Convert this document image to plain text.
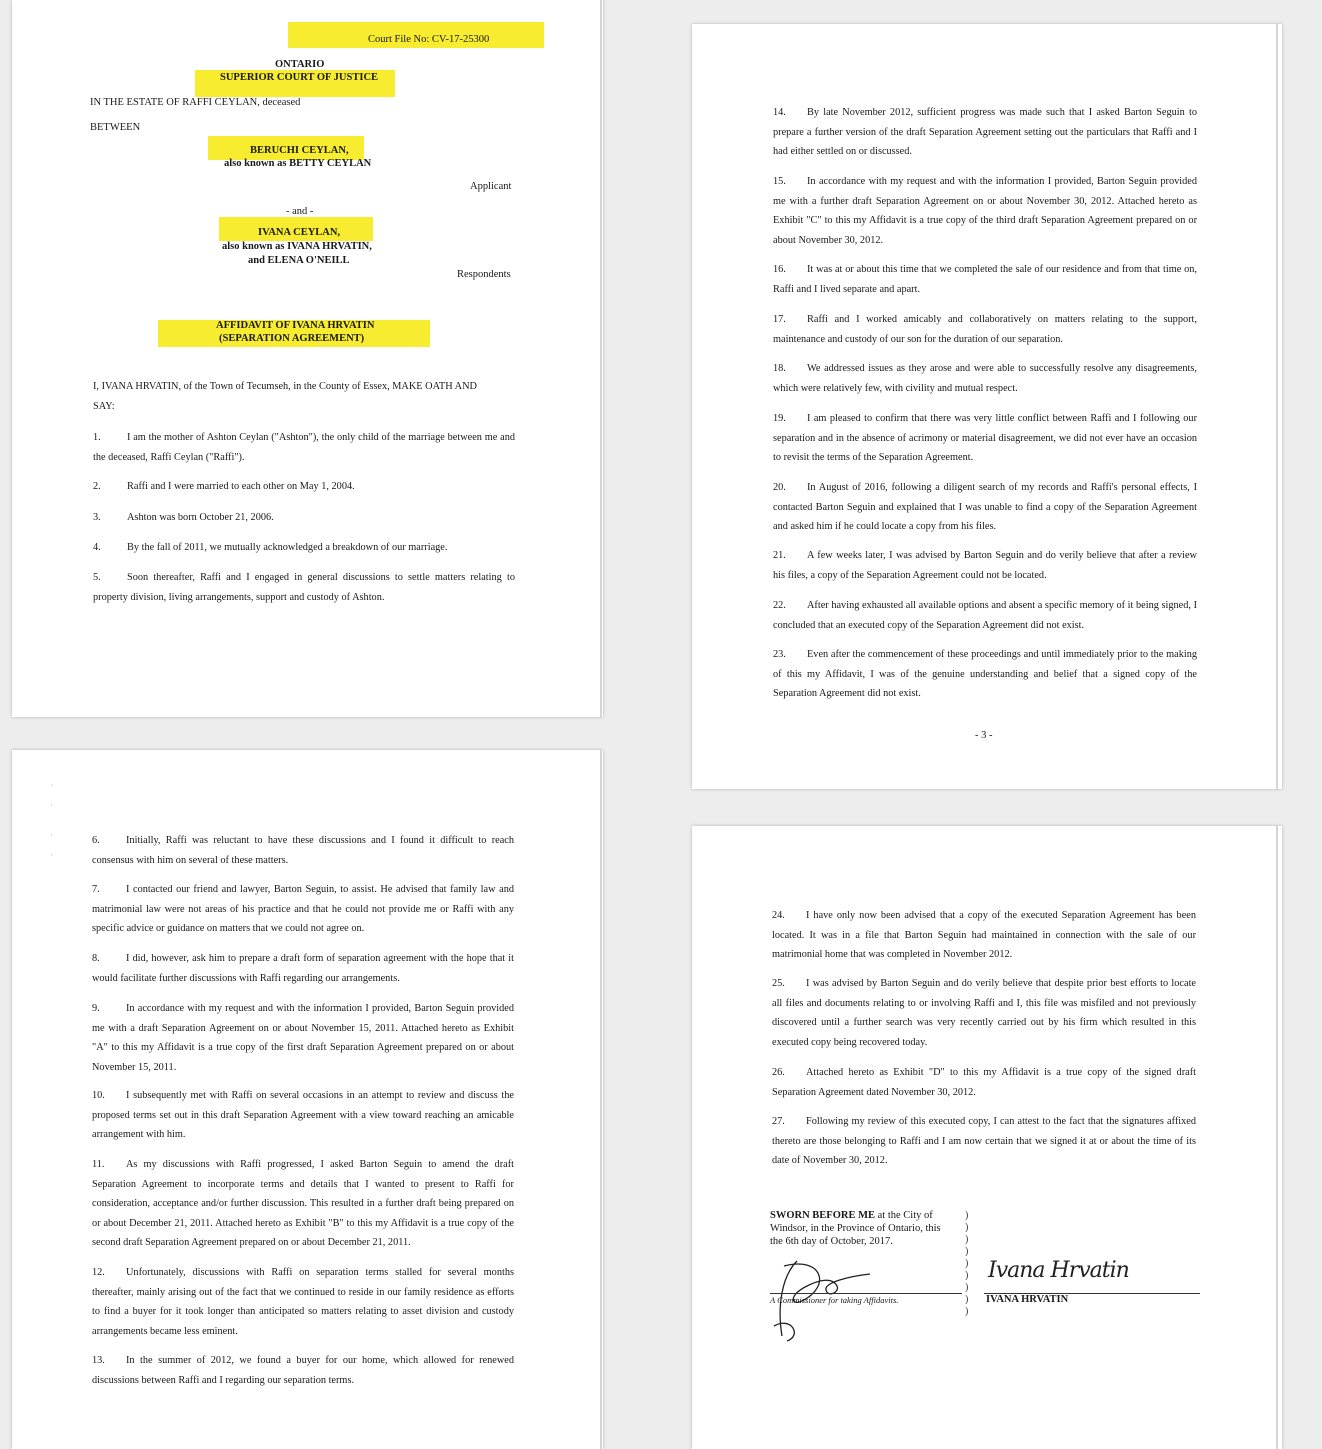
Court File No: CV-17-25300
ONTARIO
SUPERIOR COURT OF JUSTICE
IN THE ESTATE OF RAFFI CEYLAN, deceased
BETWEEN
BERUCHI CEYLAN,
also known as BETTY CEYLAN
Applicant
- and -
IVANA CEYLAN,
also known as IVANA HRVATIN,
and ELENA O'NEILL
Respondents
AFFIDAVIT OF IVANA HRVATIN
(SEPARATION AGREEMENT)
I, IVANA HRVATIN, of the Town of Tecumseh, in the County of Essex, MAKE OATH AND
SAY:
1.	I am the mother of Ashton Ceylan ("Ashton"), the only child of the marriage between me and the deceased, Raffi Ceylan ("Raffi").
2.	Raffi and I were married to each other on May 1, 2004.
3.	Ashton was born October 21, 2006.
4.	By the fall of 2011, we mutually acknowledged a breakdown of our marriage.
5.	Soon thereafter, Raffi and I engaged in general discussions to settle matters relating to property division, living arrangements, support and custody of Ashton.
·

·

·

·
6.	Initially, Raffi was reluctant to have these discussions and I found it difficult to reach consensus with him on several of these matters.
7.	I contacted our friend and lawyer, Barton Seguin, to assist. He advised that family law and matrimonial law were not areas of his practice and that he could not provide me or Raffi with any specific advice or guidance on matters that we could not agree on.
8.	I did, however, ask him to prepare a draft form of separation agreement with the hope that it would facilitate further discussions with Raffi regarding our arrangements.
9.	In accordance with my request and with the information I provided, Barton Seguin provided me with a draft Separation Agreement on or about November 15, 2011. Attached hereto as Exhibit "A" to this my Affidavit is a true copy of the first draft Separation Agreement prepared on or about November 15, 2011.
10. I subsequently met with Raffi on several occasions in an attempt to review and discuss the proposed terms set out in this draft Separation Agreement with a view toward reaching an amicable arrangement with him.
11. As my discussions with Raffi progressed, I asked Barton Seguin to amend the draft Separation Agreement to incorporate terms and details that I wanted to present to Raffi for consideration, acceptance and/or further discussion. This resulted in a further draft being prepared on or about December 21, 2011. Attached hereto as Exhibit "B" to this my Affidavit is a true copy of the second draft Separation Agreement prepared on or about December 21, 2011.
12. Unfortunately, discussions with Raffi on separation terms stalled for several months thereafter, mainly arising out of the fact that we continued to reside in our family residence as efforts to find a buyer for it took longer than anticipated so matters relating to asset division and custody arrangements became less eminent.
13. In the summer of 2012, we found a buyer for our home, which allowed for renewed discussions between Raffi and I regarding our separation terms.
14. By late November 2012, sufficient progress was made such that I asked Barton Seguin to prepare a further version of the draft Separation Agreement setting out the particulars that Raffi and I had either settled on or discussed.
15. In accordance with my request and with the information I provided, Barton Seguin provided me with a further draft Separation Agreement on or about November 30, 2012. Attached hereto as Exhibit "C" to this my Affidavit is a true copy of the third draft Separation Agreement prepared on or about November 30, 2012.
16. It was at or about this time that we completed the sale of our residence and from that time on, Raffi and I lived separate and apart.
17. Raffi and I worked amicably and collaboratively on matters relating to the support, maintenance and custody of our son for the duration of our separation.
18. We addressed issues as they arose and were able to successfully resolve any disagreements, which were relatively few, with civility and mutual respect.
19. I am pleased to confirm that there was very little conflict between Raffi and I following our separation and in the absence of acrimony or material disagreement, we did not ever have an occasion to revisit the terms of the Separation Agreement.
20. In August of 2016, following a diligent search of my records and Raffi's personal effects, I contacted Barton Seguin and explained that I was unable to find a copy of the Separation Agreement and asked him if he could locate a copy from his files.
21. A few weeks later, I was advised by Barton Seguin and do verily believe that after a review his files, a copy of the Separation Agreement could not be located.
22. After having exhausted all available options and absent a specific memory of it being signed, I concluded that an executed copy of the Separation Agreement did not exist.
23. Even after the commencement of these proceedings and until immediately prior to the making of this my Affidavit, I was of the genuine understanding and belief that a signed copy of the Separation Agreement did not exist.
- 3 -
24. I have only now been advised that a copy of the executed Separation Agreement has been located. It was in a file that Barton Seguin had maintained in connection with the sale of our matrimonial home that was completed in November 2012.
25. I was advised by Barton Seguin and do verily believe that despite prior best efforts to locate all files and documents relating to or involving Raffi and I, this file was misfiled and not previously discovered until a further search was very recently carried out by his firm which resulted in this executed copy being recovered today.
26. Attached hereto as Exhibit "D" to this my Affidavit is a true copy of the signed draft Separation Agreement dated November 30, 2012.
27. Following my review of this executed copy, I can attest to the fact that the signatures affixed thereto are those belonging to Raffi and I am now certain that we signed it at or about the time of its date of November 30, 2012.
SWORN BEFORE ME at the City of
Windsor, in the Province of Ontario, this
the 6th day of October, 2017.
)
)
)
)
)
)
)
)
)
A Commissioner for taking Affidavits.
Ivana Hrvatin
IVANA HRVATIN
